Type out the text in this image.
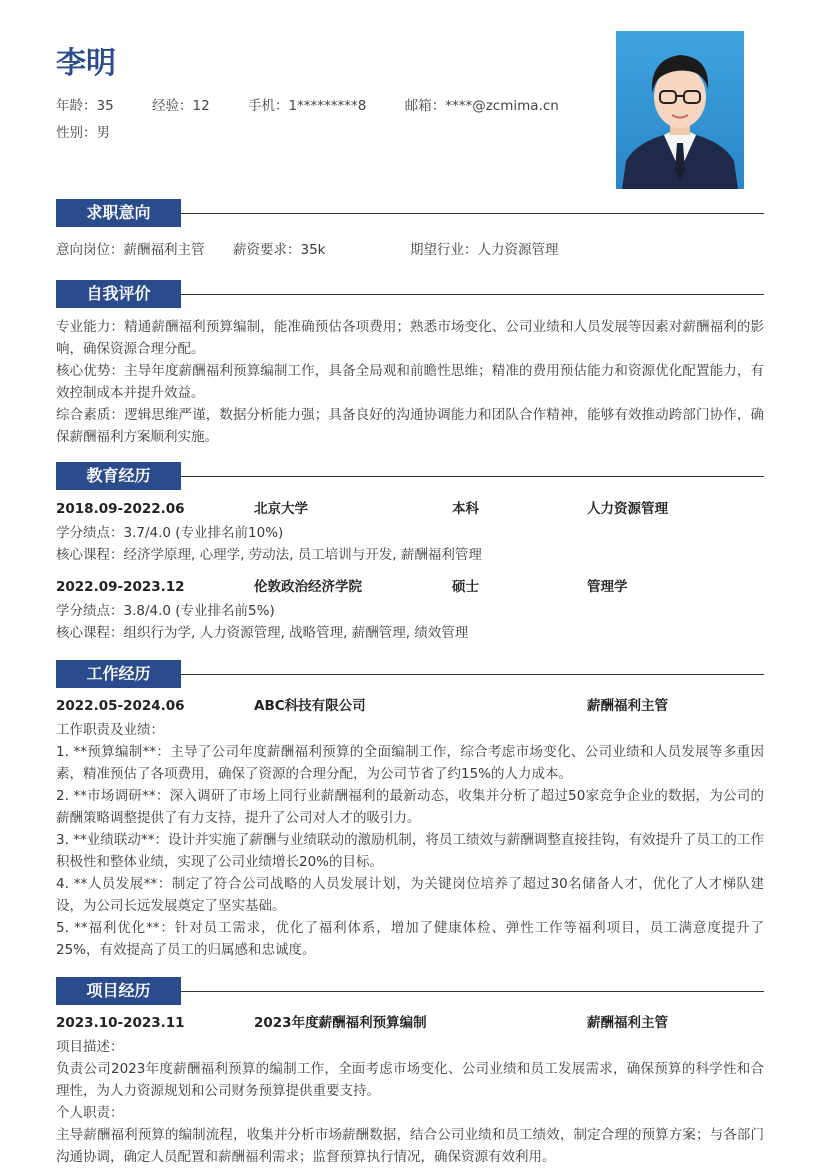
李明
年龄：35	经验：12	手机：1*********8	邮箱：****@zcmima.cn
性别：男
求职意向
意向岗位：薪酬福利主管 薪资要求：35k	期望行业：人力资源管理
自我评价
专业能力：精通薪酬福利预算编制，能准确预估各项费用；熟悉市场变化、公司业绩和人员发展等因素对薪酬福利的影响，确保资源合理分配。
核心优势：主导年度薪酬福利预算编制工作，具备全局观和前瞻性思维；精准的费用预估能力和资源优化配置能力，有效控制成本并提升效益。
综合素质：逻辑思维严谨，数据分析能力强；具备良好的沟通协调能力和团队合作精神，能够有效推动跨部门协作，确保薪酬福利方案顺利实施。
教育经历
2018.09-2022.06	北京大学	本科	人力资源管理
学分绩点：3.7/4.0 (专业排名前10%)
核心课程：经济学原理, 心理学, 劳动法, 员工培训与开发, 薪酬福利管理
2022.09-2023.12	伦敦政治经济学院	硕士	管理学
学分绩点：3.8/4.0 (专业排名前5%)
核心课程：组织行为学, 人力资源管理, 战略管理, 薪酬管理, 绩效管理
工作经历
2022.05-2024.06	ABC科技有限公司	薪酬福利主管
工作职责及业绩：
1. **预算编制**：主导了公司年度薪酬福利预算的全面编制工作，综合考虑市场变化、公司业绩和人员发展等多重因素，精准预估了各项费用，确保了资源的合理分配，为公司节省了约15%的人力成本。
2. **市场调研**：深入调研了市场上同行业薪酬福利的最新动态，收集并分析了超过50家竞争企业的数据，为公司的薪酬策略调整提供了有力支持，提升了公司对人才的吸引力。
3. **业绩联动**：设计并实施了薪酬与业绩联动的激励机制，将员工绩效与薪酬调整直接挂钩，有效提升了员工的工作积极性和整体业绩，实现了公司业绩增长20%的目标。
4. **人员发展**：制定了符合公司战略的人员发展计划，为关键岗位培养了超过30名储备人才，优化了人才梯队建设，为公司长远发展奠定了坚实基础。
5. **福利优化**：针对员工需求，优化了福利体系，增加了健康体检、弹性工作等福利项目，员工满意度提升了25%，有效提高了员工的归属感和忠诚度。
项目经历
2023.10-2023.11	2023年度薪酬福利预算编制	薪酬福利主管
项目描述：
负责公司2023年度薪酬福利预算的编制工作，全面考虑市场变化、公司业绩和员工发展需求，确保预算的科学性和合理性，为人力资源规划和公司财务预算提供重要支持。
个人职责：
主导薪酬福利预算的编制流程，收集并分析市场薪酬数据，结合公司业绩和员工绩效，制定合理的预算方案；与各部门沟通协调，确定人员配置和薪酬福利需求；监督预算执行情况，确保资源有效利用。
